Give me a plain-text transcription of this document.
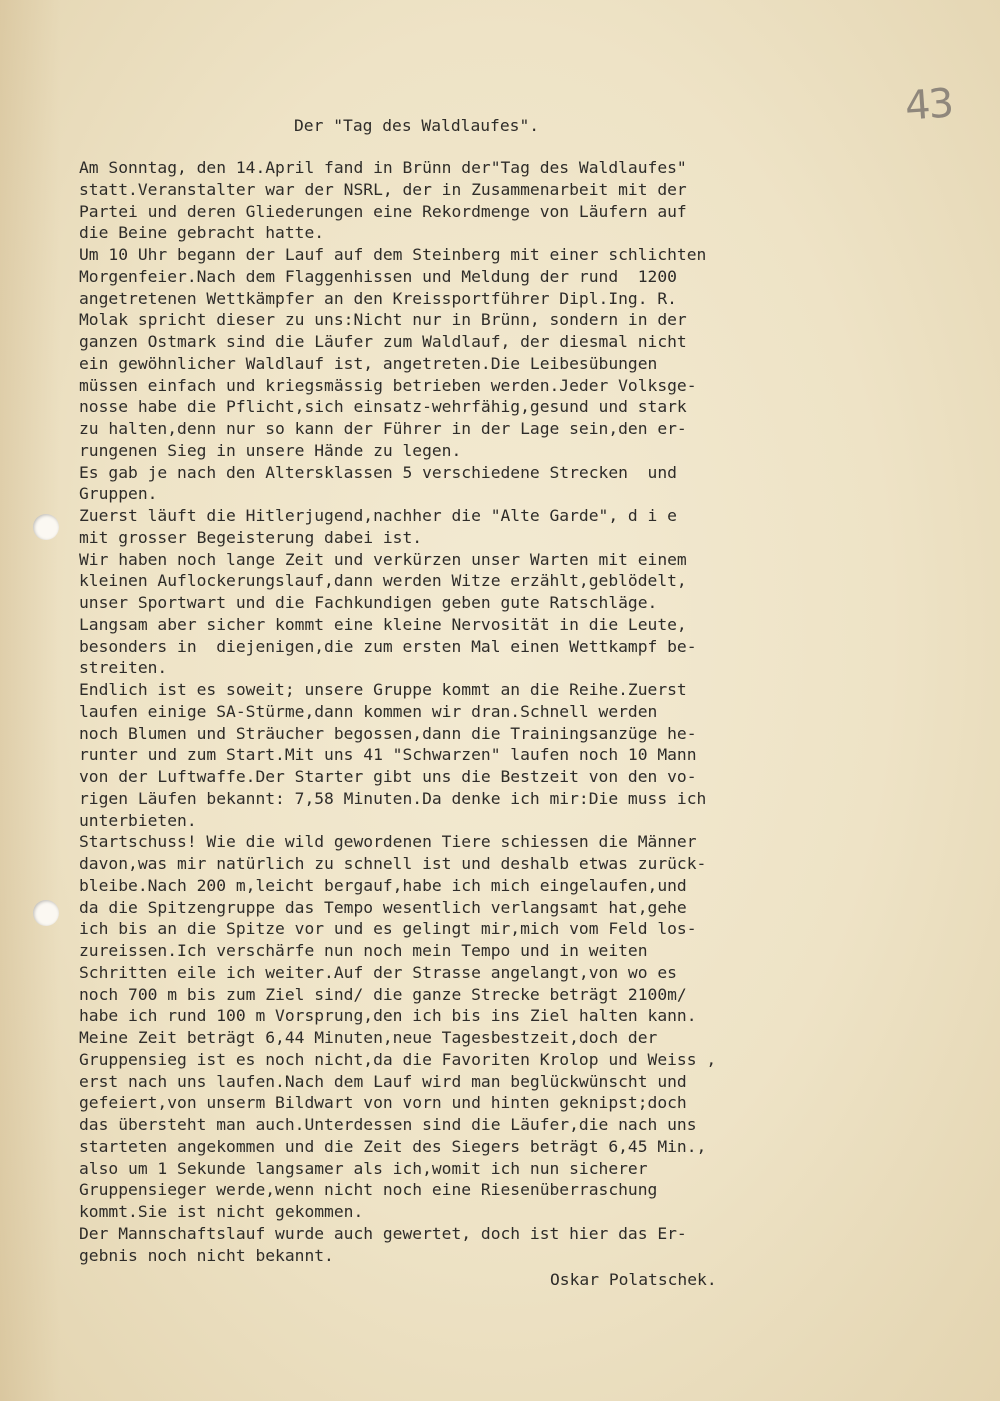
43
Der "Tag des Waldlaufes".
Am Sonntag, den 14.April fand in Brünn der"Tag des Waldlaufes"
statt.Veranstalter war der NSRL, der in Zusammenarbeit mit der
Partei und deren Gliederungen eine Rekordmenge von Läufern auf
die Beine gebracht hatte.
Um 10 Uhr begann der Lauf auf dem Steinberg mit einer schlichten
Morgenfeier.Nach dem Flaggenhissen und Meldung der rund  1200
angetretenen Wettkämpfer an den Kreissportführer Dipl.Ing. R.
Molak spricht dieser zu uns:Nicht nur in Brünn, sondern in der
ganzen Ostmark sind die Läufer zum Waldlauf, der diesmal nicht
ein gewöhnlicher Waldlauf ist, angetreten.Die Leibesübungen
müssen einfach und kriegsmässig betrieben werden.Jeder Volksge-
nosse habe die Pflicht,sich einsatz-wehrfähig,gesund und stark
zu halten,denn nur so kann der Führer in der Lage sein,den er-
rungenen Sieg in unsere Hände zu legen.
Es gab je nach den Altersklassen 5 verschiedene Strecken  und
Gruppen.
Zuerst läuft die Hitlerjugend,nachher die "Alte Garde", d i e
mit grosser Begeisterung dabei ist.
Wir haben noch lange Zeit und verkürzen unser Warten mit einem
kleinen Auflockerungslauf,dann werden Witze erzählt,geblödelt,
unser Sportwart und die Fachkundigen geben gute Ratschläge.
Langsam aber sicher kommt eine kleine Nervosität in die Leute,
besonders in  diejenigen,die zum ersten Mal einen Wettkampf be-
streiten.
Endlich ist es soweit; unsere Gruppe kommt an die Reihe.Zuerst
laufen einige SA-Stürme,dann kommen wir dran.Schnell werden
noch Blumen und Sträucher begossen,dann die Trainingsanzüge he-
runter und zum Start.Mit uns 41 "Schwarzen" laufen noch 10 Mann
von der Luftwaffe.Der Starter gibt uns die Bestzeit von den vo-
rigen Läufen bekannt: 7,58 Minuten.Da denke ich mir:Die muss ich
unterbieten.
Startschuss! Wie die wild gewordenen Tiere schiessen die Männer
davon,was mir natürlich zu schnell ist und deshalb etwas zurück-
bleibe.Nach 200 m,leicht bergauf,habe ich mich eingelaufen,und
da die Spitzengruppe das Tempo wesentlich verlangsamt hat,gehe
ich bis an die Spitze vor und es gelingt mir,mich vom Feld los-
zureissen.Ich verschärfe nun noch mein Tempo und in weiten
Schritten eile ich weiter.Auf der Strasse angelangt,von wo es
noch 700 m bis zum Ziel sind/ die ganze Strecke beträgt 2100m/
habe ich rund 100 m Vorsprung,den ich bis ins Ziel halten kann.
Meine Zeit beträgt 6,44 Minuten,neue Tagesbestzeit,doch der
Gruppensieg ist es noch nicht,da die Favoriten Krolop und Weiss ,
erst nach uns laufen.Nach dem Lauf wird man beglückwünscht und
gefeiert,von unserm Bildwart von vorn und hinten geknipst;doch
das übersteht man auch.Unterdessen sind die Läufer,die nach uns
starteten angekommen und die Zeit des Siegers beträgt 6,45 Min.,
also um 1 Sekunde langsamer als ich,womit ich nun sicherer
Gruppensieger werde,wenn nicht noch eine Riesenüberraschung
kommt.Sie ist nicht gekommen.
Der Mannschaftslauf wurde auch gewertet, doch ist hier das Er-
gebnis noch nicht bekannt.
Oskar Polatschek.
